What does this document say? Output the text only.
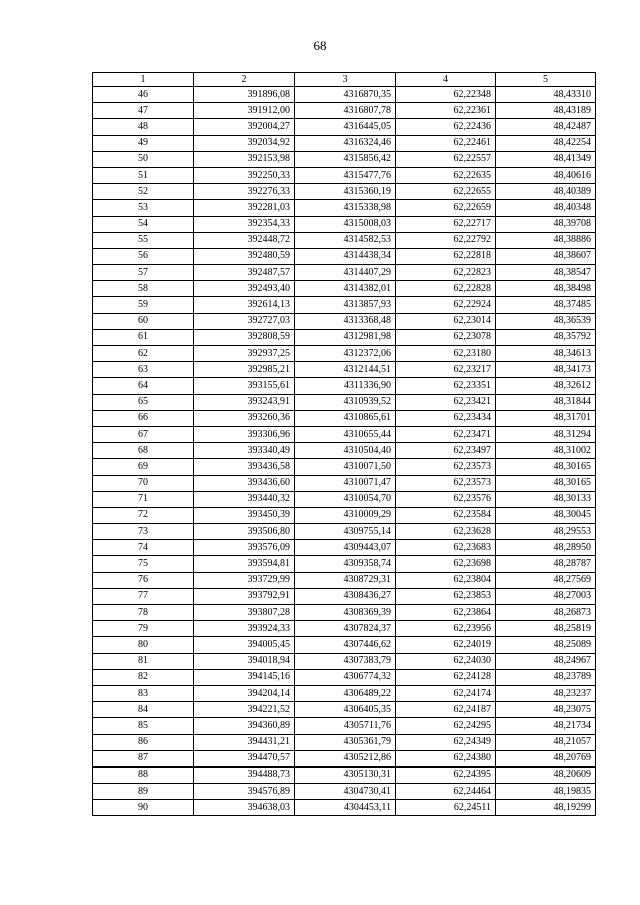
68
1	2	3	4	5
46	391896,08	4316870,35	62,22348	48,43310
47	391912,00	4316807,78	62,22361	48,43189
48	392004,27	4316445,05	62,22436	48,42487
49	392034,92	4316324,46	62,22461	48,42254
50	392153,98	4315856,42	62,22557	48,41349
51	392250,33	4315477,76	62,22635	48,40616
52	392276,33	4315360,19	62,22655	48,40389
53	392281,03	4315338,98	62,22659	48,40348
54	392354,33	4315008,03	62,22717	48,39708
55	392448,72	4314582,53	62,22792	48,38886
56	392480,59	4314438,34	62,22818	48,38607
57	392487,57	4314407,29	62,22823	48,38547
58	392493,40	4314382,01	62,22828	48,38498
59	392614,13	4313857,93	62,22924	48,37485
60	392727,03	4313368,48	62,23014	48,36539
61	392808,59	4312981,98	62,23078	48,35792
62	392937,25	4312372,06	62,23180	48,34613
63	392985,21	4312144,51	62,23217	48,34173
64	393155,61	4311336,90	62,23351	48,32612
65	393243,91	4310939,52	62,23421	48,31844
66	393260,36	4310865,61	62,23434	48,31701
67	393306,96	4310655,44	62,23471	48,31294
68	393340,49	4310504,40	62,23497	48,31002
69	393436,58	4310071,50	62,23573	48,30165
70	393436,60	4310071,47	62,23573	48,30165
71	393440,32	4310054,70	62,23576	48,30133
72	393450,39	4310009,29	62,23584	48,30045
73	393506,80	4309755,14	62,23628	48,29553
74	393576,09	4309443,07	62,23683	48,28950
75	393594,81	4309358,74	62,23698	48,28787
76	393729,99	4308729,31	62,23804	48,27569
77	393792,91	4308436,27	62,23853	48,27003
78	393807,28	4308369,39	62,23864	48,26873
79	393924,33	4307824,37	62,23956	48,25819
80	394005,45	4307446,62	62,24019	48,25089
81	394018,94	4307383,79	62,24030	48,24967
82	394145,16	4306774,32	62,24128	48,23789
83	394204,14	4306489,22	62,24174	48,23237
84	394221,52	4306405,35	62,24187	48,23075
85	394360,89	4305711,76	62,24295	48,21734
86	394431,21	4305361,79	62,24349	48,21057
87	394470,57	4305212,86	62,24380	48,20769
88	394488,73	4305130,31	62,24395	48,20609
89	394576,89	4304730,41	62,24464	48,19835
90	394638,03	4304453,11	62,24511	48,19299
